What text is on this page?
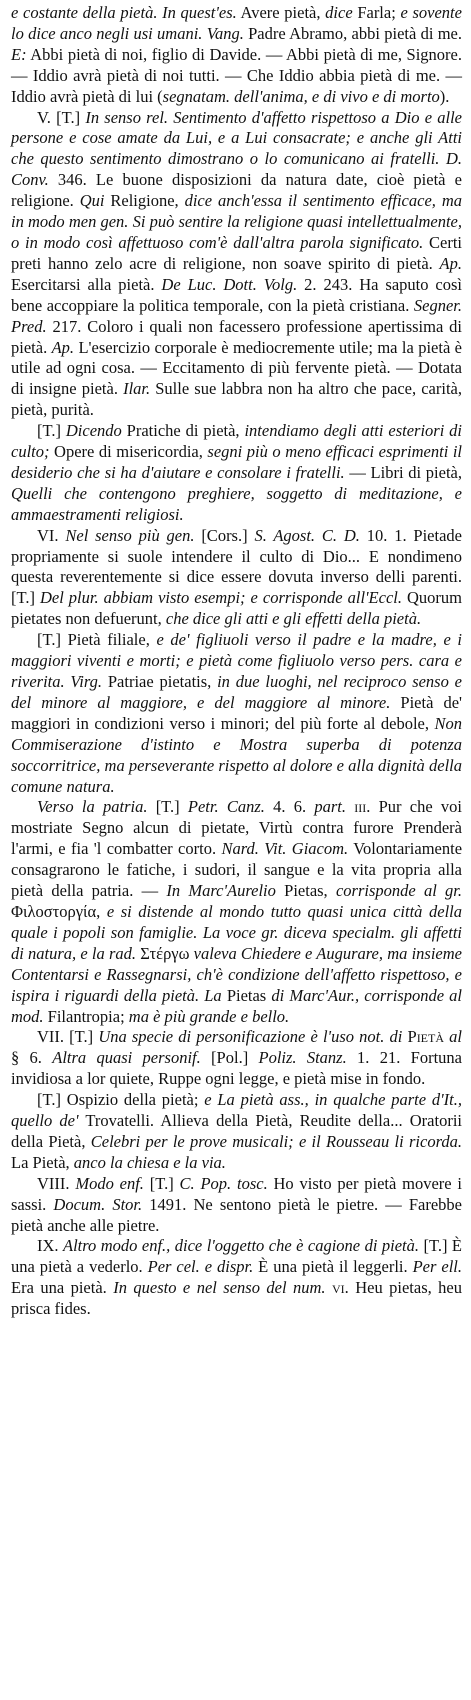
e costante della pietà. In quest'es. Avere pietà, dice Farla; e sovente lo dice anco negli usi umani. Vang. Padre Abramo, abbi pietà di me. E: Abbi pietà di noi, figlio di Davide. — Abbi pietà di me, Signore. — Iddio avrà pietà di noi tutti. — Che Iddio abbia pietà di me. — Iddio avrà pietà di lui (segnatam. dell'anima, e di vivo e di morto).

V. [T.] In senso rel. Sentimento d'affetto rispettoso a Dio e alle persone e cose amate da Lui, e a Lui consacrate; e anche gli Atti che questo sentimento dimostrano o lo comunicano ai fratelli. D. Conv. 346. Le buone disposizioni da natura date, cioè pietà e religione. Qui Religione, dice anch'essa il sentimento efficace, ma in modo men gen. Si può sentire la religione quasi intellettualmente, o in modo così affettuoso com'è dall'altra parola significato. Certi preti hanno zelo acre di religione, non soave spirito di pietà. Ap. Esercitarsi alla pietà. De Luc. Dott. Volg. 2. 243. Ha saputo così bene accoppiare la politica temporale, con la pietà cristiana. Segner. Pred. 217. Coloro i quali non facessero professione apertissima di pietà. Ap. L'esercizio corporale è mediocremente utile; ma la pietà è utile ad ogni cosa. — Eccitamento di più fervente pietà. — Dotata di insigne pietà. Ilar. Sulle sue labbra non ha altro che pace, carità, pietà, purità.

[T.] Dicendo Pratiche di pietà, intendiamo degli atti esteriori di culto; Opere di misericordia, segni più o meno efficaci esprimenti il desiderio che si ha d'aiutare e consolare i fratelli. — Libri di pietà, Quelli che contengono preghiere, soggetto di meditazione, e ammaestramenti religiosi.

VI. Nel senso più gen. [Cors.] S. Agost. C. D. 10. 1. Pietade propriamente si suole intendere il culto di Dio... E nondimeno questa reverentemente si dice essere dovuta inverso delli parenti. [T.] Del plur. abbiam visto esempi; e corrisponde all'Eccl. Quorum pietates non defuerunt, che dice gli atti e gli effetti della pietà.

[T.] Pietà filiale, e de' figliuoli verso il padre e la madre, e i maggiori viventi e morti; e pietà come figliuolo verso pers. cara e riverita. Virg. Patriae pietatis, in due luoghi, nel reciproco senso e del minore al maggiore, e del maggiore al minore. Pietà de' maggiori in condizioni verso i minori; del più forte al debole, Non Commiserazione d'istinto e Mostra superba di potenza soccorritrice, ma perseverante rispetto al dolore e alla dignità della comune natura.

Verso la patria. [T.] Petr. Canz. 4. 6. part. iii. Pur che voi mostriate Segno alcun di pietate, Virtù contra furore Prenderà l'armi, e fia 'l combatter corto. Nard. Vit. Giacom. Volontariamente consagrarono le fatiche, i sudori, il sangue e la vita propria alla pietà della patria. — In Marc'Aurelio Pietas, corrisponde al gr. Φιλοστοργία, e si distende al mondo tutto quasi unica città della quale i popoli son famiglie. La voce gr. diceva specialm. gli affetti di natura, e la rad. Στέργω valeva Chiedere e Augurare, ma insieme Contentarsi e Rassegnarsi, ch'è condizione dell'affetto rispettoso, e ispira i riguardi della pietà. La Pietas di Marc'Aur., corrisponde al mod. Filantropia; ma è più grande e bello.

VII. [T.] Una specie di personificazione è l'uso not. di Pietà al § 6. Altra quasi personif. [Pol.] Poliz. Stanz. 1. 21. Fortuna invidiosa a lor quiete, Ruppe ogni legge, e pietà mise in fondo.

[T.] Ospizio della pietà; e La pietà ass., in qualche parte d'It., quello de' Trovatelli. Allieva della Pietà, Reudite della... Oratorii della Pietà, Celebri per le prove musicali; e il Rousseau li ricorda. La Pietà, anco la chiesa e la via.

VIII. Modo enf. [T.] C. Pop. tosc. Ho visto per pietà movere i sassi. Docum. Stor. 1491. Ne sentono pietà le pietre. — Farebbe pietà anche alle pietre.

IX. Altro modo enf., dice l'oggetto che è cagione di pietà. [T.] È una pietà a vederlo. Per cel. e dispr. È una pietà il leggerli. Per ell. Era una pietà. In questo e nel senso del num. vi. Heu pietas, heu prisca fides.
